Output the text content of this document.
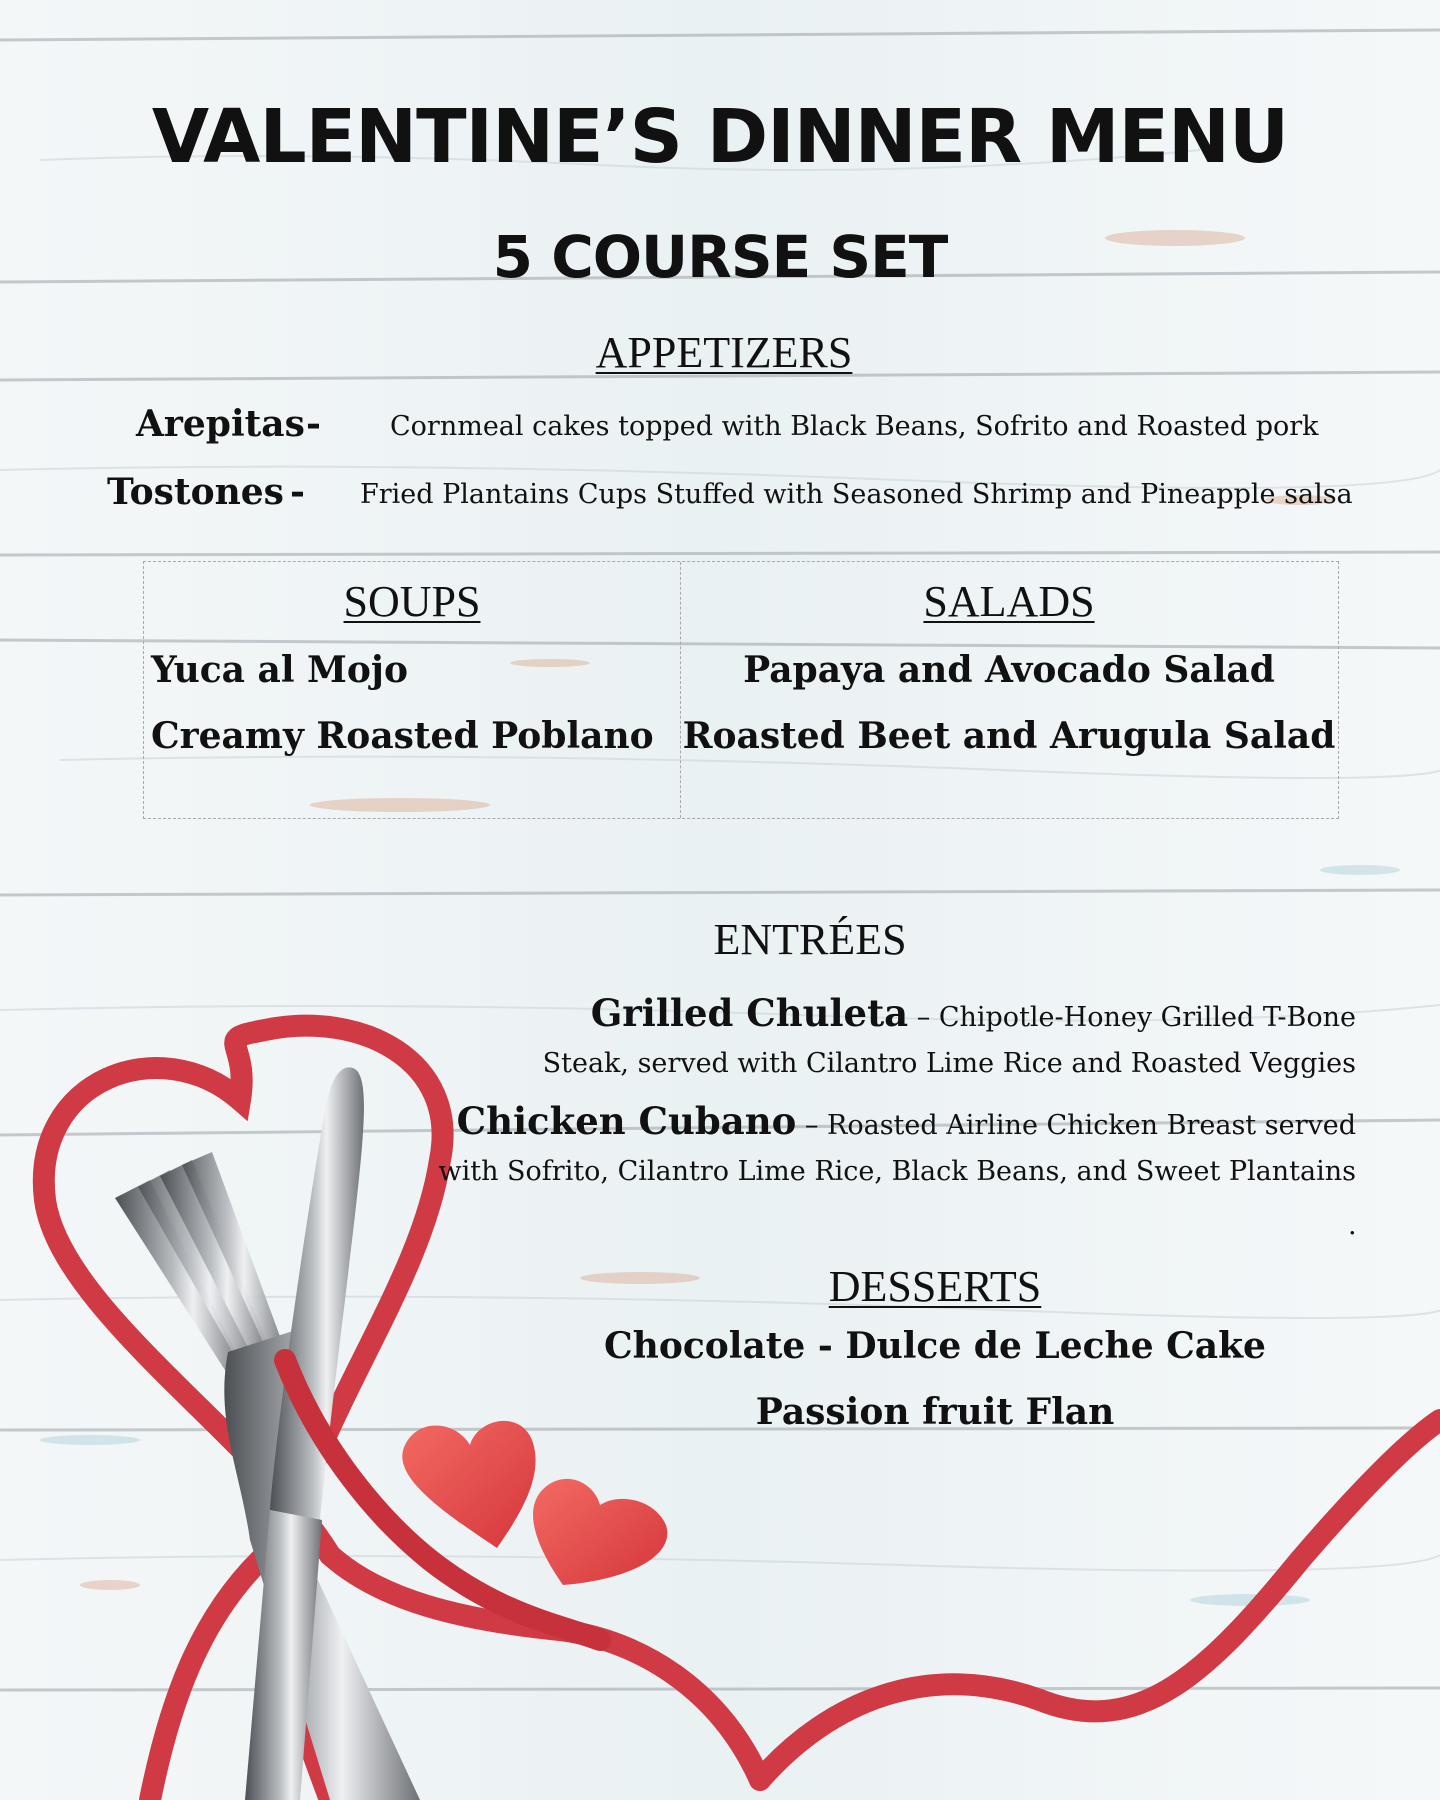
VALENTINE’S DINNER MENU
5 COURSE SET
APPETIZERS
Arepitas -	Cornmeal cakes topped with Black Beans, Sofrito and Roasted pork
Tostones - Fried Plantains Cups Stuffed with Seasoned Shrimp and Pineapple salsa
SOUPS	SALADS
Yuca al Mojo
Creamy Roasted Poblano
Papaya and Avocado Salad
Roasted Beet and Arugula Salad
ENTRÉES
Grilled Chuleta – Chipotle-Honey Grilled T-Bone
Steak, served with Cilantro Lime Rice and Roasted Veggies
Chicken Cubano – Roasted Airline Chicken Breast served
with Sofrito, Cilantro Lime Rice, Black Beans, and Sweet Plantains
.
DESSERTS
Chocolate - Dulce de Leche Cake
Passion fruit Flan
